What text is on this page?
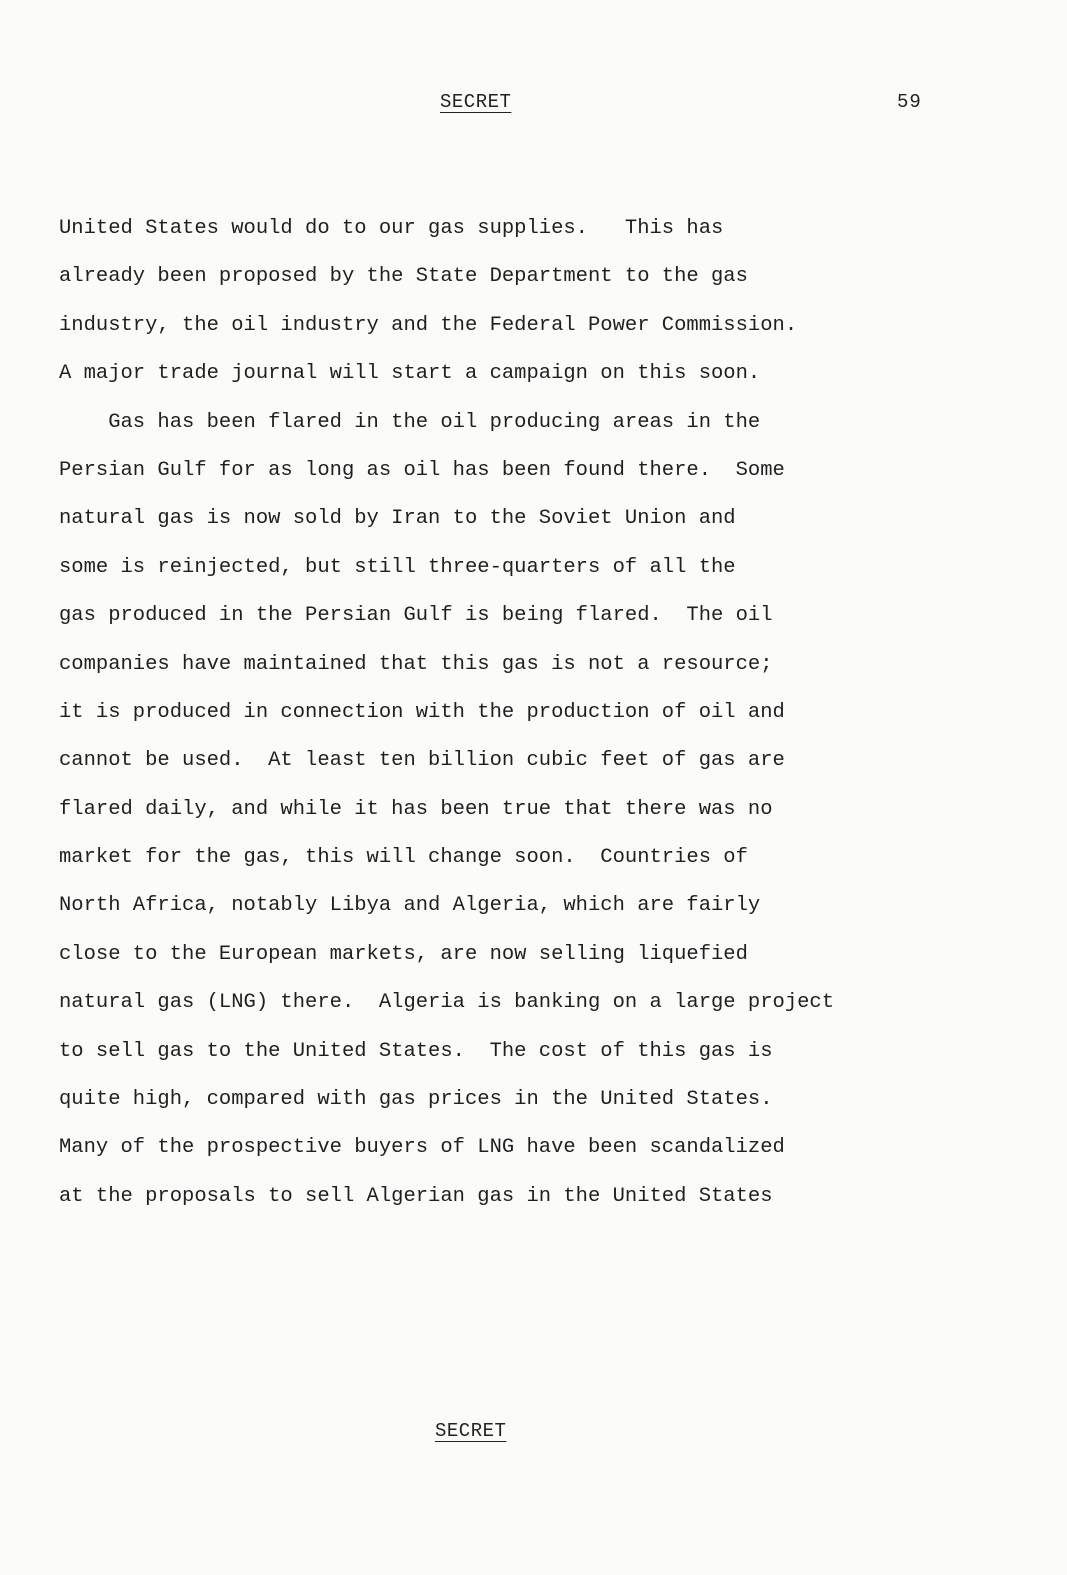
SECRET	59
United States would do to our gas supplies.   This has
already been proposed by the State Department to the gas
industry, the oil industry and the Federal Power Commission.
A major trade journal will start a campaign on this soon.
Gas has been flared in the oil producing areas in the
Persian Gulf for as long as oil has been found there.  Some
natural gas is now sold by Iran to the Soviet Union and
some is reinjected, but still three-quarters of all the
gas produced in the Persian Gulf is being flared.  The oil
companies have maintained that this gas is not a resource;
it is produced in connection with the production of oil and
cannot be used.  At least ten billion cubic feet of gas are
flared daily, and while it has been true that there was no
market for the gas, this will change soon.  Countries of
North Africa, notably Libya and Algeria, which are fairly
close to the European markets, are now selling liquefied
natural gas (LNG) there.  Algeria is banking on a large project
to sell gas to the United States.  The cost of this gas is
quite high, compared with gas prices in the United States.
Many of the prospective buyers of LNG have been scandalized
at the proposals to sell Algerian gas in the United States
SECRET
